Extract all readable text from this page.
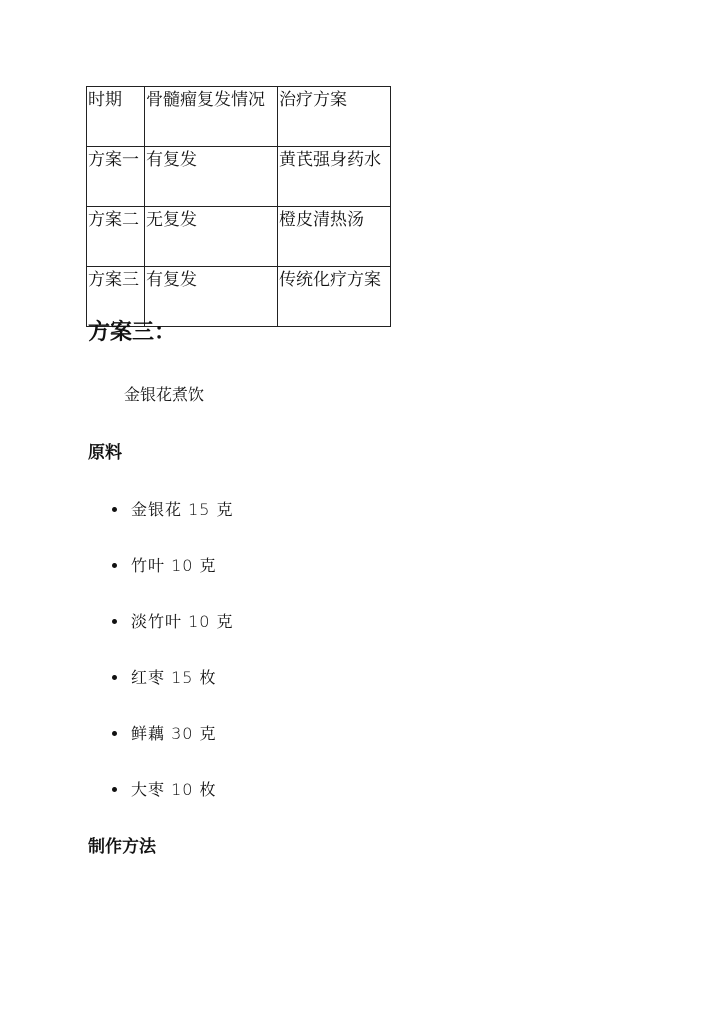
时期	骨髓瘤复发情况	治疗方案
方案一	有复发	黄芪强身药水
方案二	无复发	橙皮清热汤
方案三	有复发	传统化疗方案
方案三：
金银花煮饮
原料
金银花 15 克
竹叶 10 克
淡竹叶 10 克
红枣 15 枚
鲜藕 30 克
大枣 10 枚
制作方法
